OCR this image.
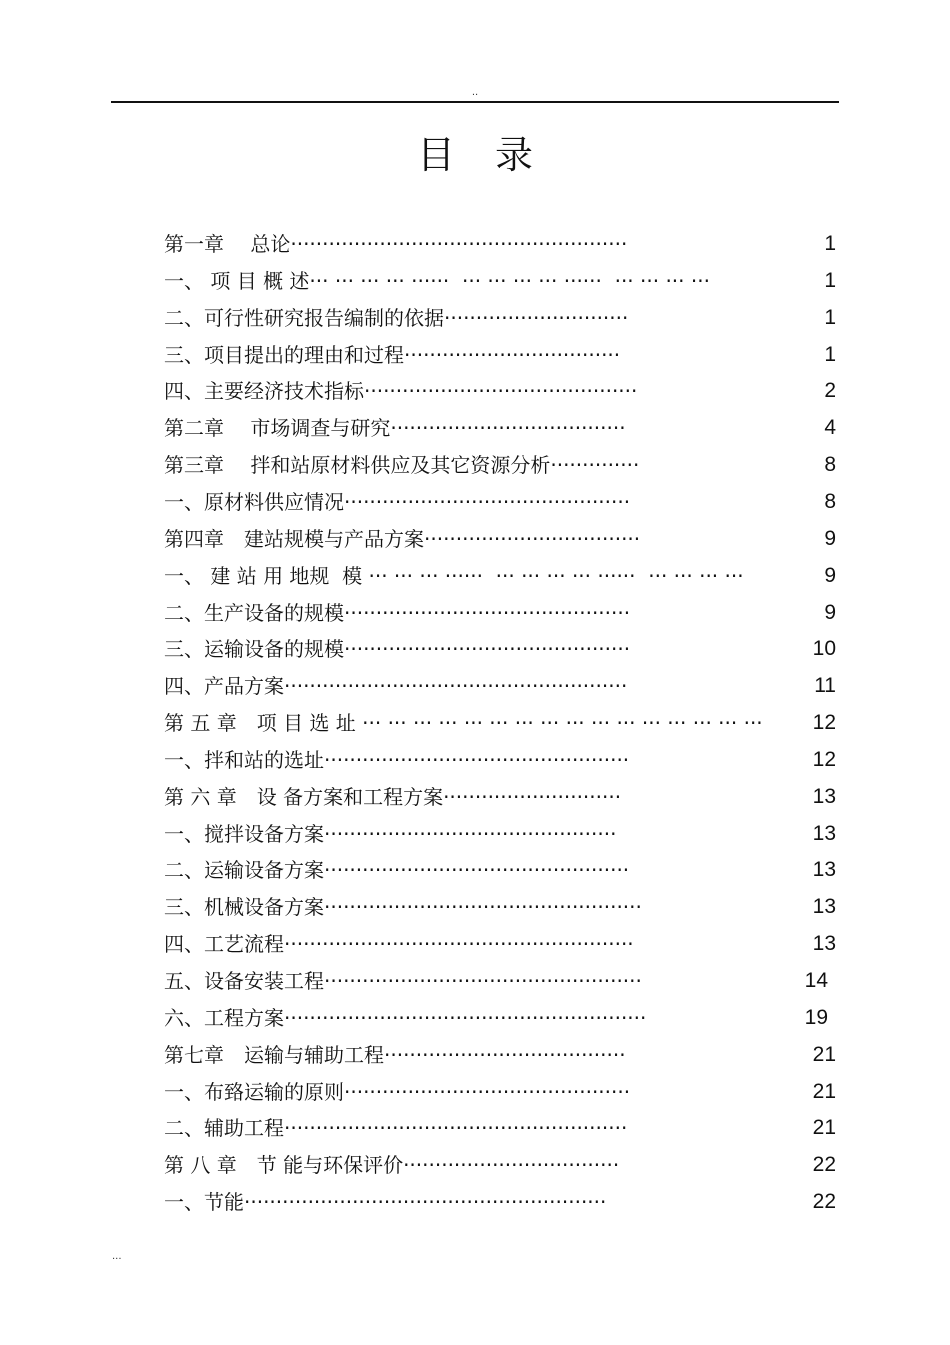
..
目录
第一章　 总论·····················································	1
一、 项 目 概 述··· ··· ··· ··· ······  ··· ··· ··· ··· ······  ··· ··· ··· ···	1
二、可行性研究报告编制的依据·····························	1
三、项目提出的理由和过程··································	1
四、主要经济技术指标···········································	2
第二章　 市场调查与研究·····································	4
第三章　 拌和站原材料供应及其它资源分析··············	8
一、原材料供应情况·············································	8
第四章　建站规模与产品方案··································	9
一、 建 站 用 地规  模 ··· ··· ··· ······  ··· ··· ··· ··· ······  ··· ··· ··· ···	9
二、生产设备的规模·············································	9
三、运输设备的规模·············································	10
四、产品方案······················································	11
第 五 章　项 目 选 址 ··· ··· ··· ··· ··· ··· ··· ··· ··· ··· ··· ··· ··· ··· ··· ···	12
一、拌和站的选址················································	12
第 六 章　设 备方案和工程方案····························	13
一、搅拌设备方案··············································	13
二、运输设备方案················································	13
三、机械设备方案··················································	13
四、工艺流程·······················································	13
五、设备安装工程··················································	14
六、工程方案·························································	19
第七章　运输与辅助工程······································	21
一、布臵运输的原则·············································	21
二、辅助工程······················································	21
第 八 章　节 能与环保评价··································	22
一、节能·························································	22
...
